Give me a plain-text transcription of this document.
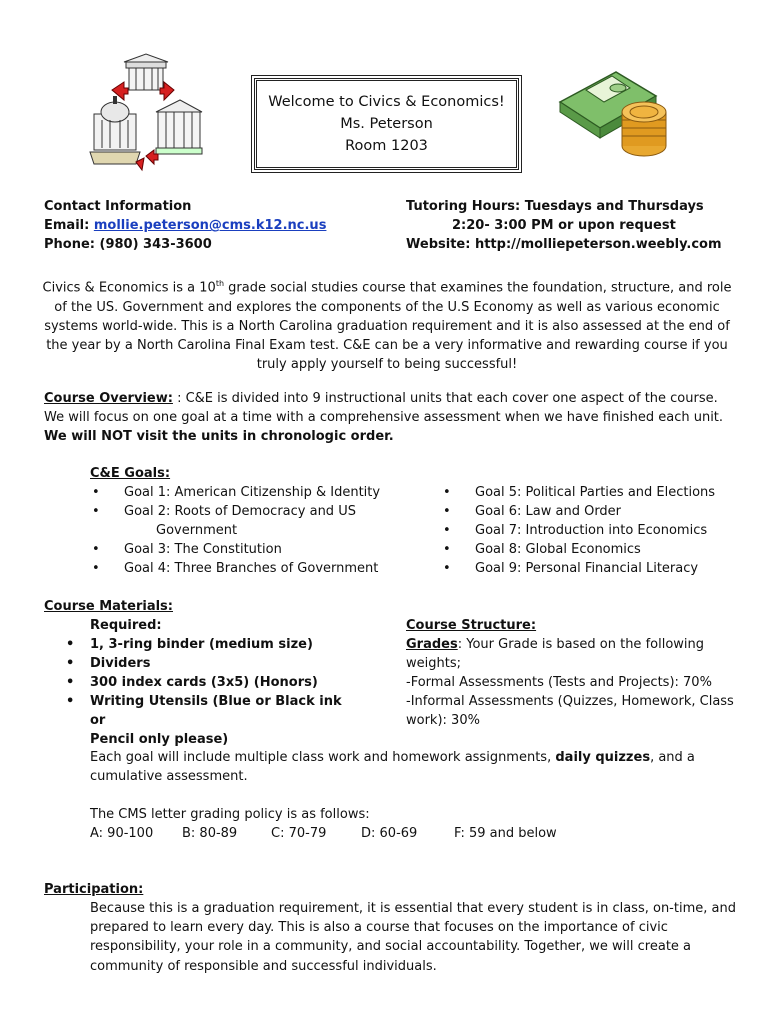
Welcome to Civics & Economics!
Ms. Peterson
Room 1203
Contact Information
Email: mollie.peterson@cms.k12.nc.us
Phone: (980) 343-3600
Tutoring Hours: Tuesdays and Thursdays
2:20- 3:00 PM or upon request
Website: http://molliepeterson.weebly.com
Civics & Economics is a 10th grade social studies course that examines the foundation, structure, and role of the US. Government and explores the components of the U.S Economy as well as various economic systems world-wide. This is a North Carolina graduation requirement and it is also assessed at the end of the year by a North Carolina Final Exam test. C&E can be a very informative and rewarding course if you truly apply yourself to being successful!
Course Overview: : C&E is divided into 9 instructional units that each cover one aspect of the course. We will focus on one goal at a time with a comprehensive assessment when we have finished each unit. We will NOT visit the units in chronologic order.
C&E Goals:
• Goal 1: American Citizenship & Identity
• Goal 2: Roots of Democracy and US
Government
• Goal 3: The Constitution
• Goal 4: Three Branches of Government
• Goal 5: Political Parties and Elections
• Goal 6: Law and Order
• Goal 7: Introduction into Economics
• Goal 8: Global Economics
• Goal 9: Personal Financial Literacy
Course Materials:
Required:
• 1, 3-ring binder (medium size)
• Dividers
• 300 index cards (3x5) (Honors)
• Writing Utensils (Blue or Black ink or
Pencil only please)
Course Structure:
Grades: Your Grade is based on the following
weights;
-Formal Assessments (Tests and Projects): 70%
-Informal Assessments (Quizzes, Homework, Class
work): 30%
Each goal will include multiple class work and homework assignments, daily quizzes, and a cumulative assessment.
The CMS letter grading policy is as follows:
A: 90-100 B: 80-89	C: 70-79	D: 60-69	F: 59 and below
Participation:
Because this is a graduation requirement, it is essential that every student is in class, on-time, and prepared to learn every day. This is also a course that focuses on the importance of civic responsibility, your role in a community, and social accountability. Together, we will create a community of responsible and successful individuals.
